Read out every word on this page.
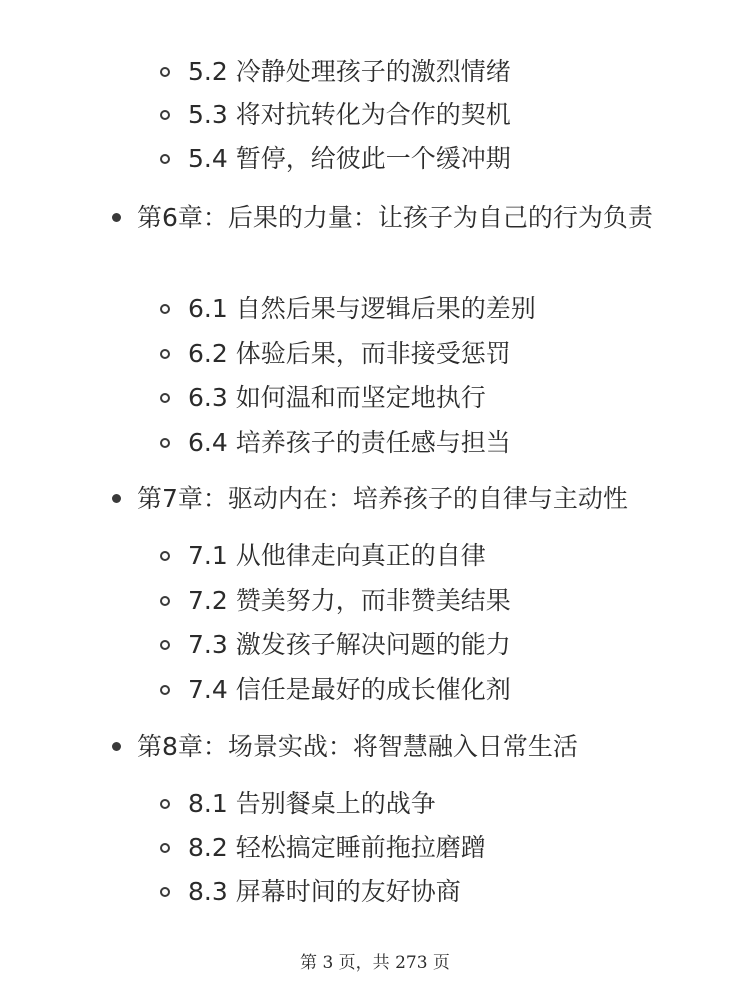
5.2 冷静处理孩子的激烈情绪
5.3 将对抗转化为合作的契机
5.4 暂停，给彼此一个缓冲期
第6章：后果的力量：让孩子为自己的行为负责
6.1 自然后果与逻辑后果的差别
6.2 体验后果，而非接受惩罚
6.3 如何温和而坚定地执行
6.4 培养孩子的责任感与担当
第7章：驱动内在：培养孩子的自律与主动性
7.1 从他律走向真正的自律
7.2 赞美努力，而非赞美结果
7.3 激发孩子解决问题的能力
7.4 信任是最好的成长催化剂
第8章：场景实战：将智慧融入日常生活
8.1 告别餐桌上的战争
8.2 轻松搞定睡前拖拉磨蹭
8.3 屏幕时间的友好协商
第 3 页，共 273 页
